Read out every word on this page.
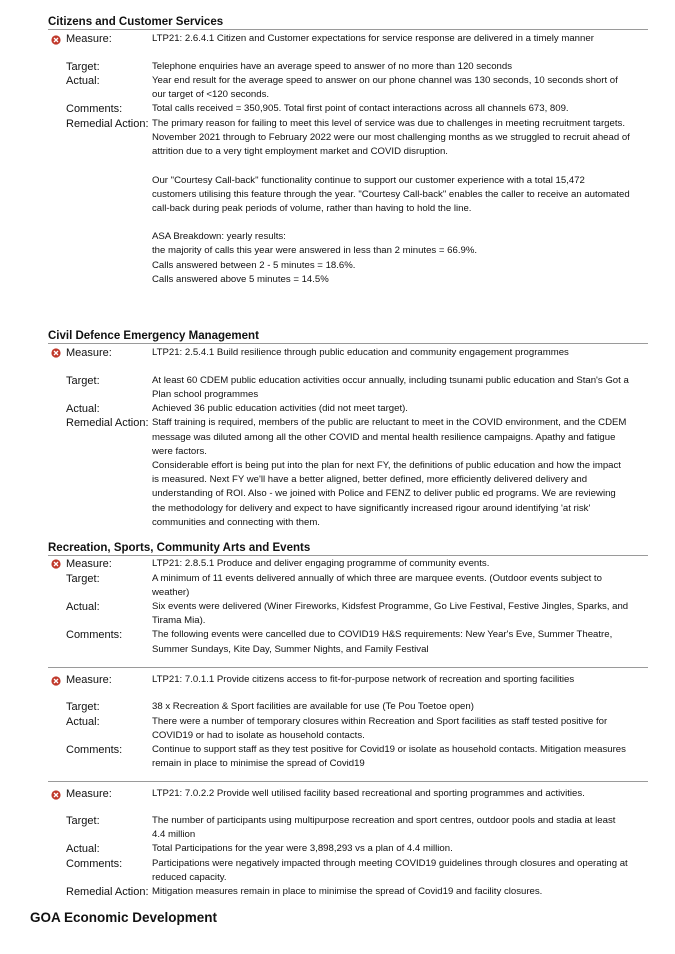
Citizens and Customer Services
Measure:	LTP21: 2.6.4.1 Citizen and Customer expectations for service response are delivered in a timely manner
Target:	Telephone enquiries have an average speed to answer of no more than 120 seconds
Actual:	Year end result for the average speed to answer on our phone channel was 130 seconds, 10 seconds short of our target of <120 seconds.
Comments:	Total calls received = 350,905. Total first point of contact interactions across all channels 673, 809.
Remedial Action: The primary reason for failing to meet this level of service was due to challenges in meeting recruitment targets. November 2021 through to February 2022 were our most challenging months as we struggled to recruit ahead of attrition due to a very tight employment market and COVID disruption.

Our "Courtesy Call-back" functionality continue to support our customer experience with a total 15,472 customers utilising this feature through the year. "Courtesy Call-back" enables the caller to receive an automated call-back during peak periods of volume, rather than having to hold the line.

ASA Breakdown: yearly results:

the majority of calls this year were answered in less than 2 minutes = 66.9%.

Calls answered between 2 - 5 minutes = 18.6%.

Calls answered above 5 minutes = 14.5%

Civil Defence Emergency Management
Measure:	LTP21: 2.5.4.1 Build resilience through public education and community engagement programmes
Target:	At least 60 CDEM public education activities occur annually, including tsunami public education and Stan's Got a Plan school programmes
Actual:	Achieved 36 public education activities (did not meet target).
Remedial Action: Staff training is required, members of the public are reluctant to meet in the COVID environment, and the CDEM message was diluted among all the other COVID and mental health resilience campaigns. Apathy and fatigue were factors.

Considerable effort is being put into the plan for next FY, the definitions of public education and how the impact is measured. Next FY we'll have a better aligned, better defined, more efficiently delivered delivery and understanding of ROI. Also - we joined with Police and FENZ to deliver public ed programs. We are reviewing the methodology for delivery and expect to have significantly increased rigour around identifying 'at risk' communities and connecting with them.

Recreation, Sports, Community Arts and Events
Measure:	LTP21: 2.8.5.1 Produce and deliver engaging programme of community events.
Target:	A minimum of 11 events delivered annually of which three are marquee events. (Outdoor events subject to weather)
Actual:	Six events were delivered (Winer Fireworks, Kidsfest Programme, Go Live Festival, Festive Jingles, Sparks, and Tirama Mia).
Comments:	The following events were cancelled due to COVID19 H&S requirements: New Year's Eve, Summer Theatre, Summer Sundays, Kite Day, Summer Nights, and Family Festival
Measure:	LTP21: 7.0.1.1 Provide citizens access to fit-for-purpose network of recreation and sporting facilities
Target:	38 x Recreation & Sport facilities are available for use (Te Pou Toetoe open)
Actual:	There were a number of temporary closures within Recreation and Sport facilities as staff tested positive for COVID19 or had to isolate as household contacts.
Comments:	Continue to support staff as they test positive for Covid19 or isolate as household contacts. Mitigation measures remain in place to minimise the spread of Covid19
Measure:	LTP21: 7.0.2.2 Provide well utilised facility based recreational and sporting programmes and activities.
Target:	The number of participants using multipurpose recreation and sport centres, outdoor pools and stadia at least 4.4 million
Actual:	Total Participations for the year were 3,898,293 vs a plan of 4.4 million.
Comments:	Participations were negatively impacted through meeting COVID19 guidelines through closures and operating at reduced capacity.
Remedial Action: Mitigation measures remain in place to minimise the spread of Covid19 and facility closures.
GOA Economic Development
